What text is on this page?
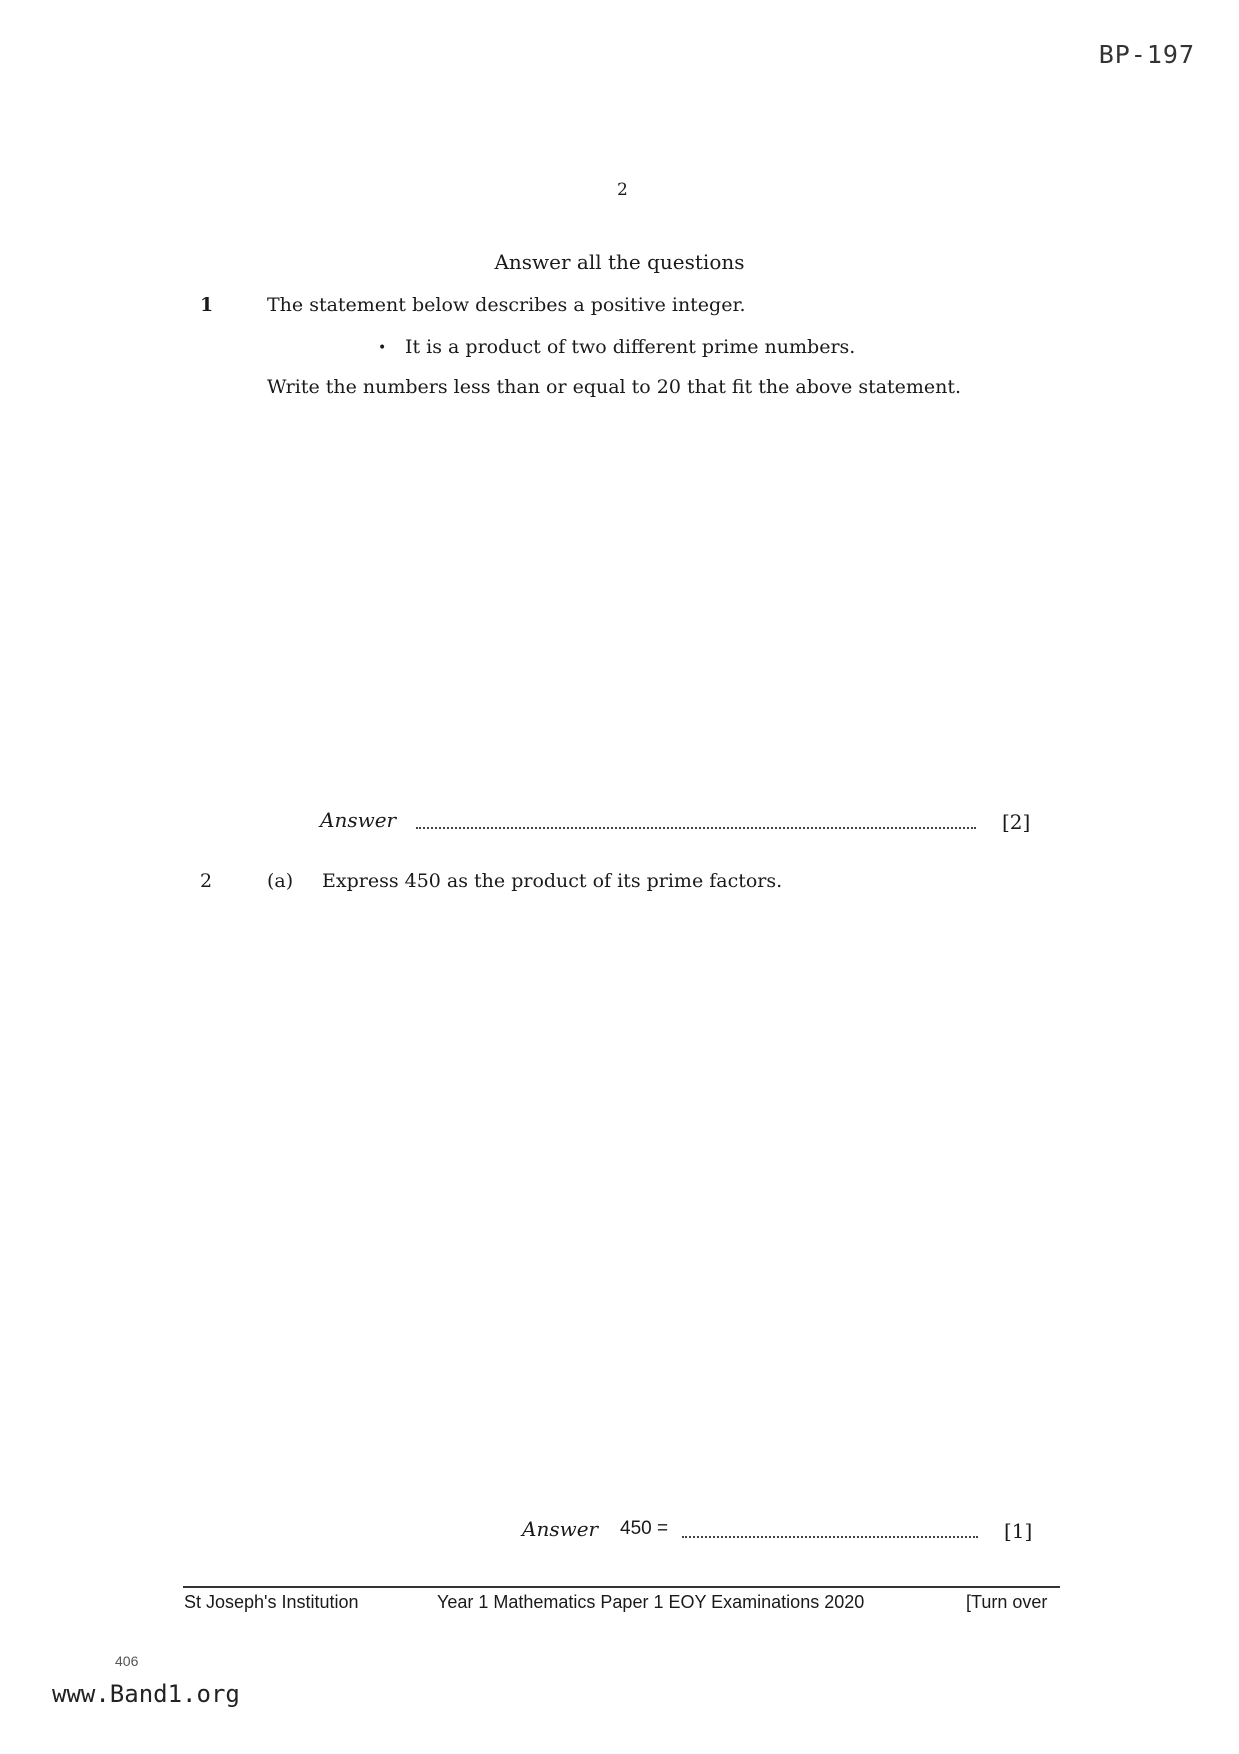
BP-197
2
Answer all the questions
1	The statement below describes a positive integer.
• It is a product of two different prime numbers.
Write the numbers less than or equal to 20 that fit the above statement.
Answer	[2]
2	(a) Express 450 as the product of its prime factors.
Answer 450 =	[1]
St Joseph's Institution	Year 1 Mathematics Paper 1 EOY Examinations 2020	[Turn over
406
www.Band1.org
